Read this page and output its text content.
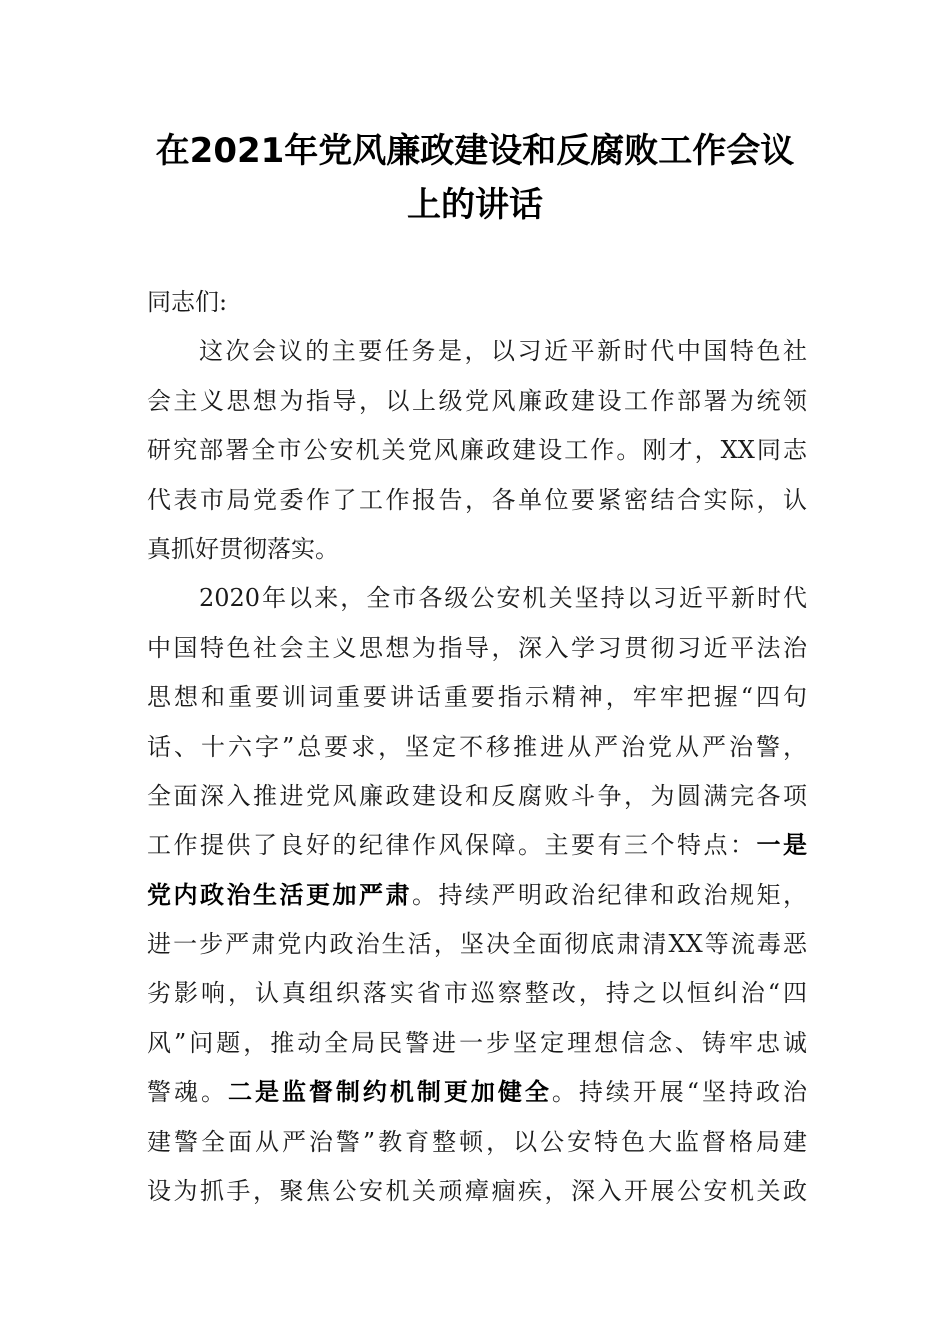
在2021年党风廉政建设和反腐败工作会议
上的讲话
同志们:
这次会议的主要任务是，以习近平新时代中国特色社
会主义思想为指导，以上级党风廉政建设工作部署为统领
研究部署全市公安机关党风廉政建设工作。刚才，XX同志
代表市局党委作了工作报告，各单位要紧密结合实际，认
真抓好贯彻落实。
2020年以来，全市各级公安机关坚持以习近平新时代
中国特色社会主义思想为指导，深入学习贯彻习近平法治
思想和重要训词重要讲话重要指示精神，牢牢把握“四句
话、十六字”总要求，坚定不移推进从严治党从严治警，
全面深入推进党风廉政建设和反腐败斗争，为圆满完各项
工作提供了良好的纪律作风保障。主要有三个特点：一是
党内政治生活更加严肃。持续严明政治纪律和政治规矩，
进一步严肃党内政治生活，坚决全面彻底肃清XX等流毒恶
劣影响，认真组织落实省市巡察整改，持之以恒纠治“四
风”问题，推动全局民警进一步坚定理想信念、铸牢忠诚
警魂。二是监督制约机制更加健全。持续开展“坚持政治
建警全面从严治警”教育整顿，以公安特色大监督格局建
设为抓手，聚焦公安机关顽瘴痼疾，深入开展公安机关政
